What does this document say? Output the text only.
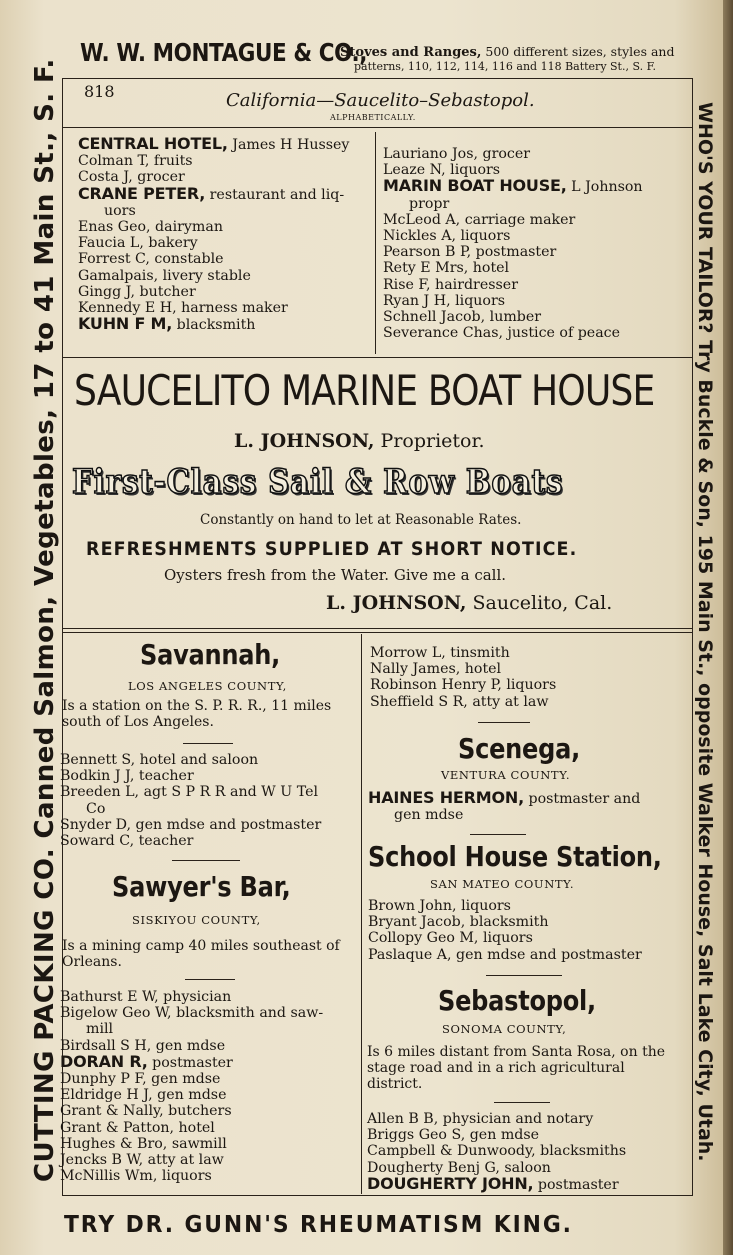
W. W. MONTAGUE & CO.,
Stoves and Ranges, 500 different sizes, styles and
patterns, 110, 112, 114, 116 and 118 Battery St., S. F.
CUTTING PACKING CO. Canned Salmon, Vegetables, 17 to 41 Main St., S. F.	WHO'S YOUR TAILOR? Try Buckle & Son, 195 Main St., opposite Walker House, Salt Lake City, Utah.
818	California—Saucelito–Sebastopol.
ALPHABETICALLY.
CENTRAL HOTEL, James H Hussey
Colman T, fruits
Costa J, grocer
CRANE PETER, restaurant and liq-
uors
Enas Geo, dairyman
Faucia L, bakery
Forrest C, constable
Gamalpais, livery stable
Gingg J, butcher
Kennedy E H, harness maker
KUHN F M, blacksmith
Lauriano Jos, grocer
Leaze N, liquors
MARIN BOAT HOUSE, L Johnson
propr
McLeod A, carriage maker
Nickles A, liquors
Pearson B P, postmaster
Rety E Mrs, hotel
Rise F, hairdresser
Ryan J H, liquors
Schnell Jacob, lumber
Severance Chas, justice of peace
SAUCELITO MARINE BOAT HOUSE
L. JOHNSON, Proprietor.
First-Class Sail & Row Boats
Constantly on hand to let at Reasonable Rates.
REFRESHMENTS SUPPLIED AT SHORT NOTICE.
Oysters fresh from the Water. Give me a call.
L. JOHNSON, Saucelito, Cal.
Savannah,
LOS ANGELES COUNTY,
Is a station on the S. P. R. R., 11 miles south of Los Angeles.
Bennett S, hotel and saloon
Bodkin J J, teacher
Breeden L, agt S P R R and W U Tel
Co
Snyder D, gen mdse and postmaster
Soward C, teacher
Sawyer's Bar,
SISKIYOU COUNTY,
Is a mining camp 40 miles southeast of Orleans.
Bathurst E W, physician
Bigelow Geo W, blacksmith and saw-
mill
Birdsall S H, gen mdse
DORAN R, postmaster
Dunphy P F, gen mdse
Eldridge H J, gen mdse
Grant & Nally, butchers
Grant & Patton, hotel
Hughes & Bro, sawmill
Jencks B W, atty at law
McNillis Wm, liquors
Morrow L, tinsmith
Nally James, hotel
Robinson Henry P, liquors
Sheffield S R, atty at law
Scenega,
VENTURA COUNTY.
HAINES HERMON, postmaster and
gen mdse
School House Station,
SAN MATEO COUNTY.
Brown John, liquors
Bryant Jacob, blacksmith
Collopy Geo M, liquors
Paslaque A, gen mdse and postmaster
Sebastopol,
SONOMA COUNTY,
Is 6 miles distant from Santa Rosa, on the stage road and in a rich agricultural district.
Allen B B, physician and notary
Briggs Geo S, gen mdse
Campbell & Dunwoody, blacksmiths
Dougherty Benj G, saloon
DOUGHERTY JOHN, postmaster
TRY DR. GUNN'S RHEUMATISM KING.
